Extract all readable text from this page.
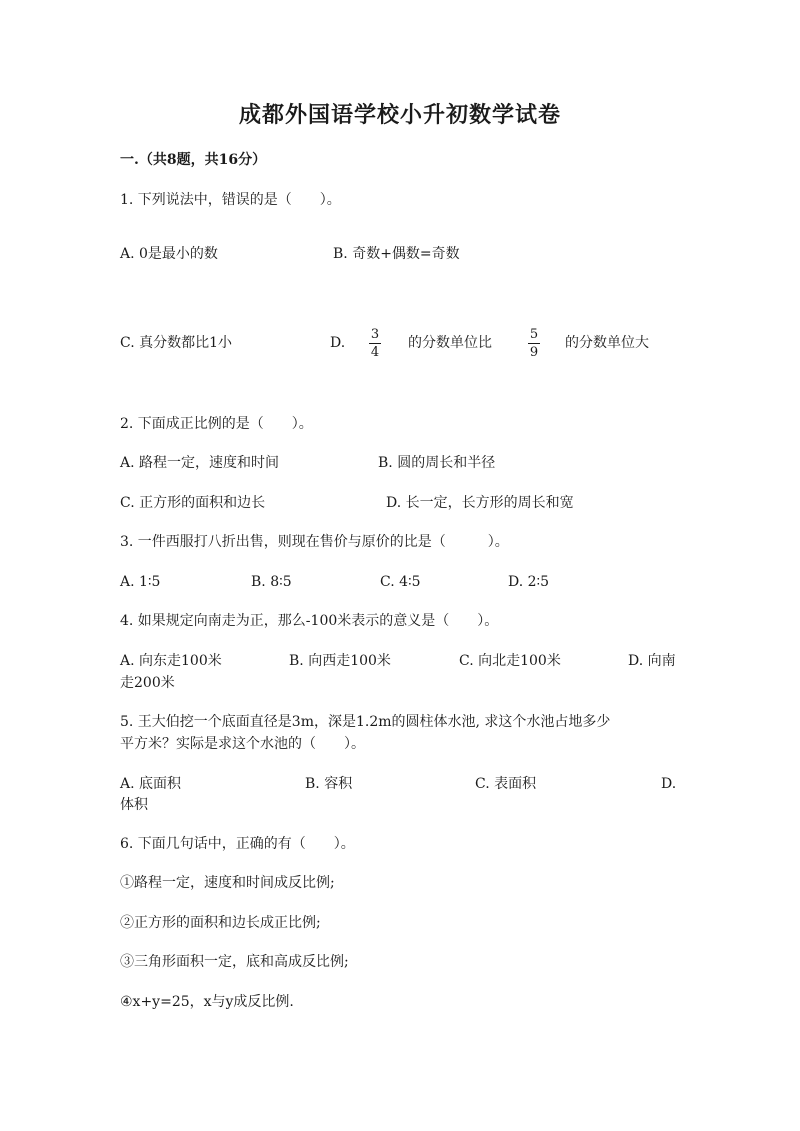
成都外国语学校小升初数学试卷
一.（共8题，共16分）
1. 下列说法中，错误的是（　　）。
A. 0是最小的数	B. 奇数+偶数=奇数
C. 真分数都比1小	D.
3
4
的分数单位比
5
9
的分数单位大
2. 下面成正比例的是（　　）。
A. 路程一定，速度和时间	B. 圆的周长和半径
C. 正方形的面积和边长	D. 长一定，长方形的周长和宽
3. 一件西服打八折出售，则现在售价与原价的比是（　　　）。
A. 1∶5	B. 8∶5	C. 4∶5	D. 2∶5
4. 如果规定向南走为正，那么-100米表示的意义是（　　）。
A. 向东走100米	B. 向西走100米	C. 向北走100米	D. 向南
走200米
5. 王大伯挖一个底面直径是3m，深是1.2m的圆柱体水池, 求这个水池占地多少
平方米？实际是求这个水池的（　　）。
A. 底面积	B. 容积	C. 表面积	D.
体积
6. 下面几句话中，正确的有（　　）。
①路程一定，速度和时间成反比例;
②正方形的面积和边长成正比例;
③三角形面积一定，底和高成反比例;
④x+y=25，x与y成反比例.
